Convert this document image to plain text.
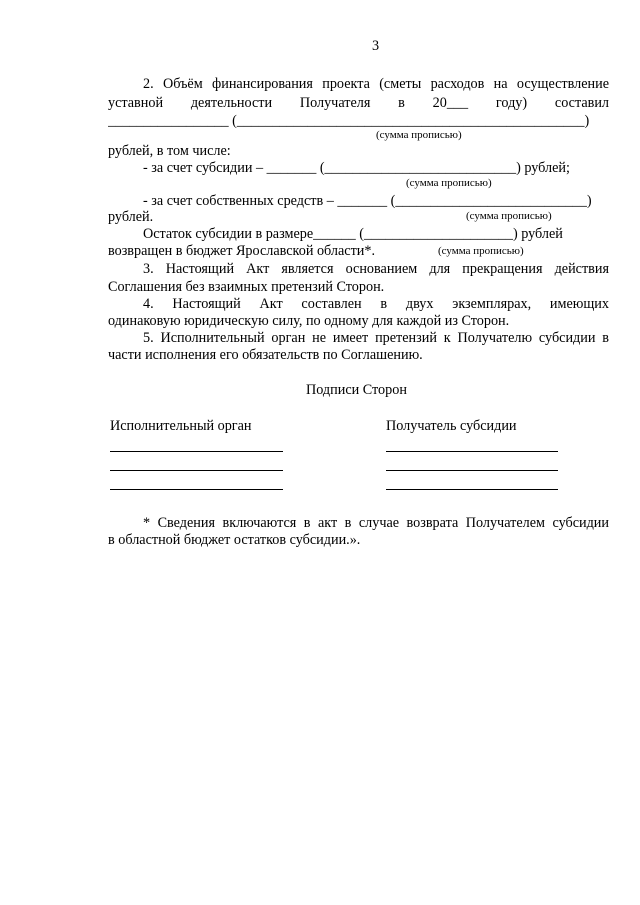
3
2. Объём финансирования проекта (сметы расходов на осуществление
уставной деятельности Получателя в 20___ году) составил
_________________ (_________________________________________________)
(сумма прописью)
рублей, в том числе:
- за счет субсидии – _______ (___________________________) рублей;
(сумма прописью)
- за счет собственных средств – _______ (___________________________)
рублей.	(сумма прописью)
Остаток субсидии в размере______ (_____________________) рублей
возвращен в бюджет Ярославской области*.	(сумма прописью)
3. Настоящий Акт является основанием для прекращения действия
Соглашения без взаимных претензий Сторон.
4. Настоящий Акт составлен в двух экземплярах, имеющих
одинаковую юридическую силу, по одному для каждой из Сторон.
5. Исполнительный орган не имеет претензий к Получателю субсидии в
части исполнения его обязательств по Соглашению.
Подписи Сторон
Исполнительный орган	Получатель субсидии
* Сведения включаются в акт в случае возврата Получателем субсидии
в областной бюджет остатков субсидии.».
